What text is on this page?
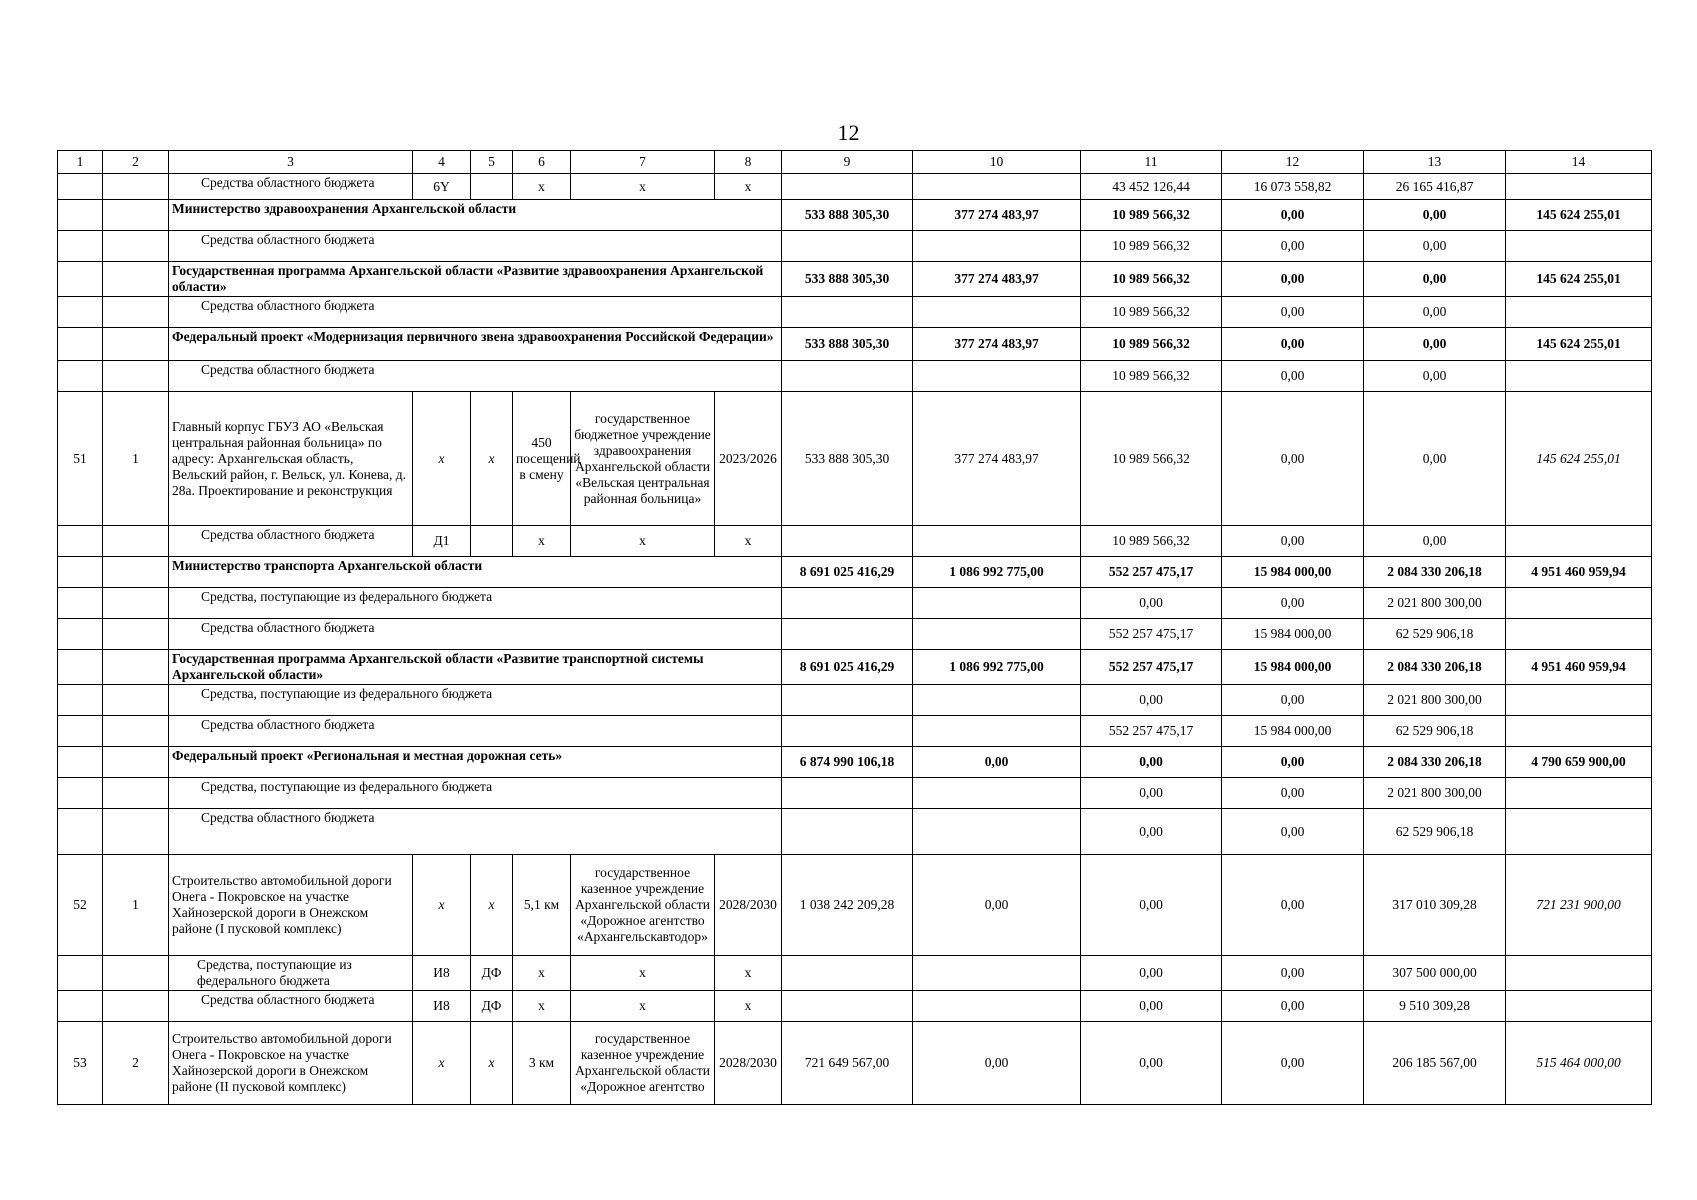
12
1	2	3	4	5	6	7	8	9	10	11	12	13	14
		Средства областного бюджета	6Y		x	x	x			43 452 126,44	16 073 558,82	26 165 416,87	
		Министерство здравоохранения Архангельской области						533 888 305,30	377 274 483,97	10 989 566,32	0,00	0,00	145 624 255,01
		Средства областного бюджета								10 989 566,32	0,00	0,00	
		Государственная программа Архангельской области «Развитие здравоохранения Архангельской области»						533 888 305,30	377 274 483,97	10 989 566,32	0,00	0,00	145 624 255,01
		Средства областного бюджета								10 989 566,32	0,00	0,00	
		Федеральный проект «Модернизация первичного звена здравоохранения Российской Федерации»						533 888 305,30	377 274 483,97	10 989 566,32	0,00	0,00	145 624 255,01
		Средства областного бюджета								10 989 566,32	0,00	0,00	
51	1	Главный корпус ГБУЗ АО «Вельская центральная районная больница» по адресу: Архангельская область, Вельский район, г. Вельск, ул. Конева, д. 28а. Проектирование и реконструкция	x	x	450 посещений в смену	государственное бюджетное учреждение здравоохранения Архангельской области «Вельская центральная районная больница»	2023/2026	533 888 305,30	377 274 483,97	10 989 566,32	0,00	0,00	145 624 255,01
		Средства областного бюджета	Д1		x	x	x			10 989 566,32	0,00	0,00	
		Министерство транспорта Архангельской области						8 691 025 416,29	1 086 992 775,00	552 257 475,17	15 984 000,00	2 084 330 206,18	4 951 460 959,94
		Средства, поступающие из федерального бюджета								0,00	0,00	2 021 800 300,00	
		Средства областного бюджета								552 257 475,17	15 984 000,00	62 529 906,18	
		Государственная программа Архангельской области «Развитие транспортной системы Архангельской области»						8 691 025 416,29	1 086 992 775,00	552 257 475,17	15 984 000,00	2 084 330 206,18	4 951 460 959,94
		Средства, поступающие из федерального бюджета								0,00	0,00	2 021 800 300,00	
		Средства областного бюджета								552 257 475,17	15 984 000,00	62 529 906,18	
		Федеральный проект «Региональная и местная дорожная сеть»						6 874 990 106,18	0,00	0,00	0,00	2 084 330 206,18	4 790 659 900,00
		Средства, поступающие из федерального бюджета								0,00	0,00	2 021 800 300,00	
		Средства областного бюджета								0,00	0,00	62 529 906,18	
52	1	Строительство автомобильной дороги Онега - Покровское на участке Хайнозерской дороги в Онежском районе (I пусковой комплекс)	x	x	5,1 км	государственное казенное учреждение Архангельской области «Дорожное агентство «Архангельскавтодор»	2028/2030	1 038 242 209,28	0,00	0,00	0,00	317 010 309,28	721 231 900,00
		Средства, поступающие из федерального бюджета	И8	ДФ	x	x	x			0,00	0,00	307 500 000,00	
		Средства областного бюджета	И8	ДФ	x	x	x			0,00	0,00	9 510 309,28	
53	2	Строительство автомобильной дороги Онега - Покровское на участке Хайнозерской дороги в Онежском районе (II пусковой комплекс)	x	x	3 км	государственное казенное учреждение Архангельской области «Дорожное агентство	2028/2030	721 649 567,00	0,00	0,00	0,00	206 185 567,00	515 464 000,00
